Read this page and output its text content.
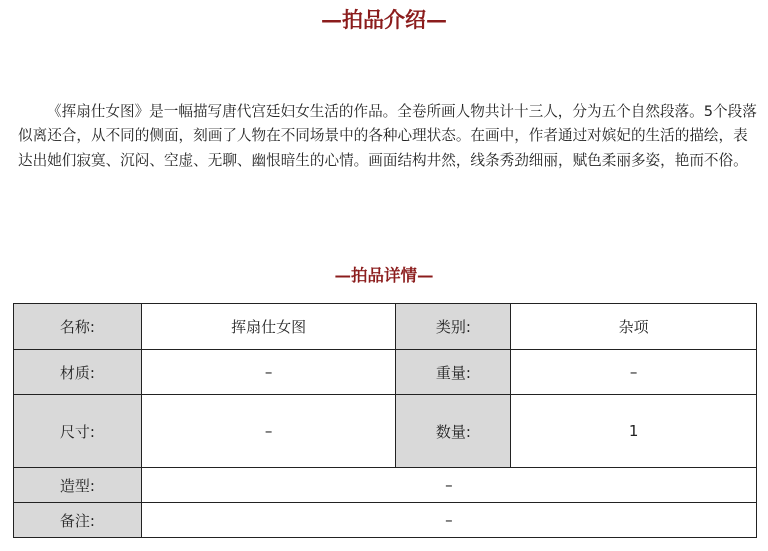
—拍品介绍—

《挥扇仕女图》是一幅描写唐代宫廷妇女生活的作品。全卷所画人物共计十三人，分为五个自然段落。5个段落似离还合，从不同的侧面，刻画了人物在不同场景中的各种心理状态。在画中，作者通过对嫔妃的生活的描绘，表达出她们寂寞、沉闷、空虚、无聊、幽恨暗生的心情。画面结构井然，线条秀劲细丽，赋色柔丽多姿，艳而不俗。

—拍品详情—
名称:	挥扇仕女图	类别:	杂项
材质:	–	重量:	–
尺寸:	–	数量:	1
造型:	–		
备注:	–		
